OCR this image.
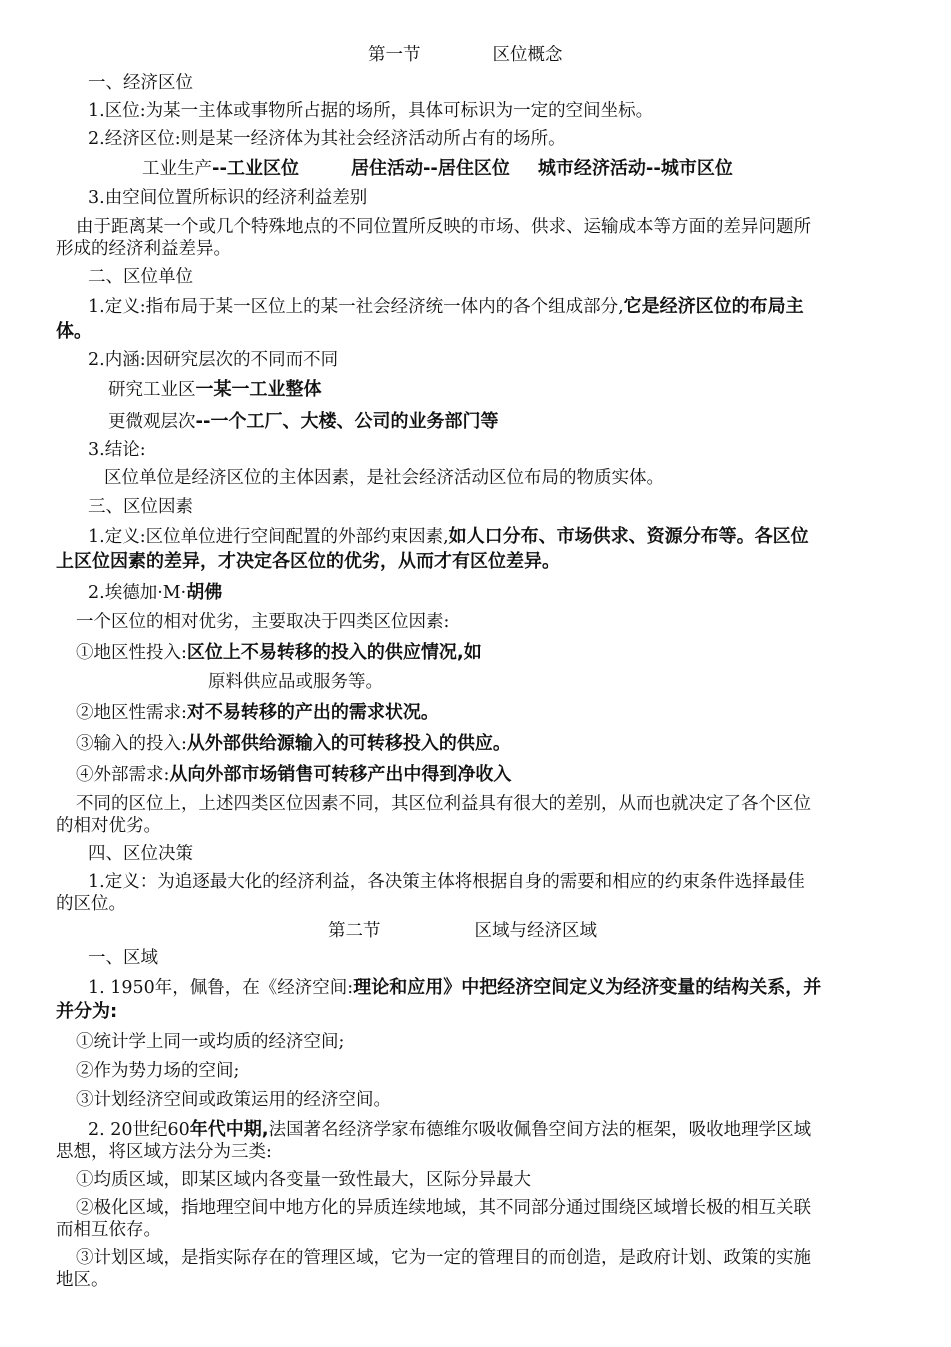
第一节	区位概念
一、经济区位
1.区位:为某一主体或事物所占据的场所，具体可标识为一定的空间坐标。
2.经济区位:则是某一经济体为其社会经济活动所占有的场所。
工业生产--工业区位	居住活动--居住区位 城市经济活动--城市区位
3.由空间位置所标识的经济利益差别
由于距离某一个或几个特殊地点的不同位置所反映的市场、供求、运输成本等方面的差异问题所
形成的经济利益差异。
二、区位单位
1.定义:指布局于某一区位上的某一社会经济统一体内的各个组成部分,它是经济区位的布局主
体。
2.内涵:因研究层次的不同而不同
研究工业区一某一工业整体
更微观层次--一个工厂、大楼、公司的业务部门等
3.结论:
区位单位是经济区位的主体因素，是社会经济活动区位布局的物质实体。
三、区位因素
1.定义:区位单位进行空间配置的外部约束因素,如人口分布、市场供求、资源分布等。各区位
上区位因素的差异，才决定各区位的优劣，从而才有区位差异。
2.埃德加·M·胡佛
一个区位的相对优劣，主要取决于四类区位因素:
①地区性投入:区位上不易转移的投入的供应情况,如
原料供应品或服务等。
②地区性需求:对不易转移的产出的需求状况。
③输入的投入:从外部供给源输入的可转移投入的供应。
④外部需求:从向外部市场销售可转移产出中得到净收入
不同的区位上，上述四类区位因素不同，其区位利益具有很大的差别，从而也就决定了各个区位
的相对优劣。
四、区位决策
1.定义：为追逐最大化的经济利益，各决策主体将根据自身的需要和相应的约束条件选择最佳
的区位。
第二节	区域与经济区域
一、区域
1. 1950年，佩鲁，在《经济空间:理论和应用》中把经济空间定义为经济变量的结构关系，并
并分为:
①统计学上同一或均质的经济空间;
②作为势力场的空间;
③计划经济空间或政策运用的经济空间。
2. 20世纪60年代中期,法国著名经济学家布德维尔吸收佩鲁空间方法的框架，吸收地理学区域
思想，将区域方法分为三类:
①均质区域，即某区域内各变量一致性最大，区际分异最大
②极化区域，指地理空间中地方化的异质连续地域，其不同部分通过围绕区域增长极的相互关联
而相互依存。
③计划区域，是指实际存在的管理区域，它为一定的管理目的而创造，是政府计划、政策的实施
地区。
